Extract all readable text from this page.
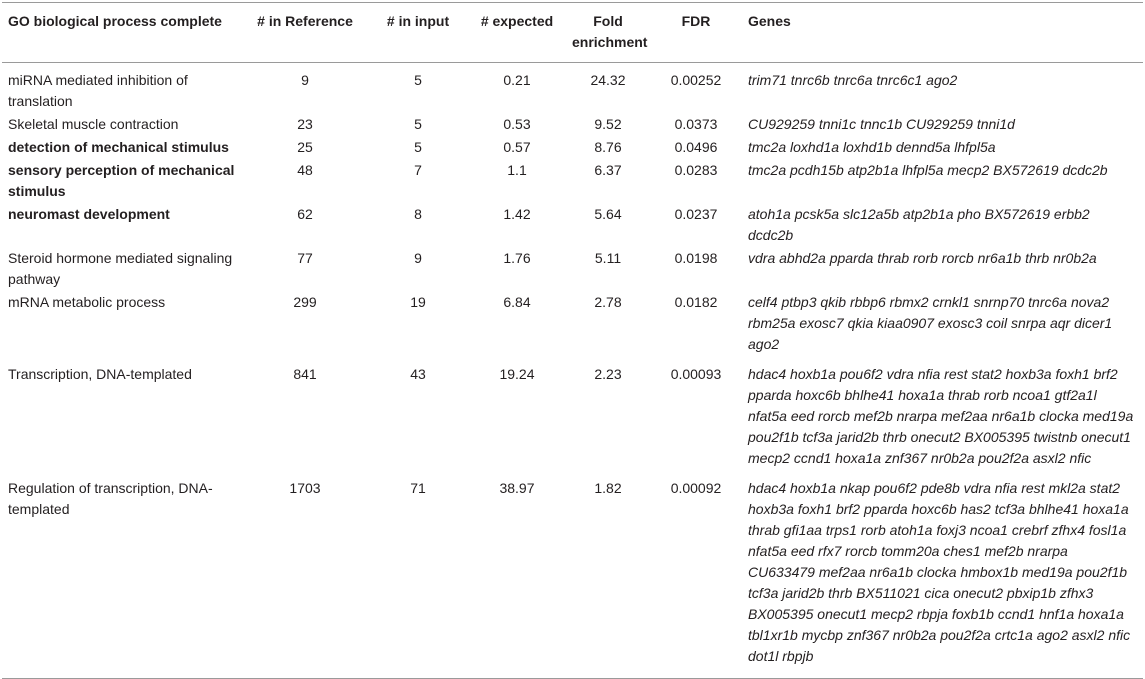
GO biological process complete	# in Reference	# in input	# expected	Fold enrichment	FDR	Genes
miRNA mediated inhibition of translation	9	5	0.21	24.32	0.00252	trim71 tnrc6b tnrc6a tnrc6c1 ago2
Skeletal muscle contraction	23	5	0.53	9.52	0.0373	CU929259 tnni1c tnnc1b CU929259 tnni1d
detection of mechanical stimulus	25	5	0.57	8.76	0.0496	tmc2a loxhd1a loxhd1b dennd5a lhfpl5a
sensory perception of mechanical stimulus	48	7	1.1	6.37	0.0283	tmc2a pcdh15b atp2b1a lhfpl5a mecp2 BX572619 dcdc2b
neuromast development	62	8	1.42	5.64	0.0237	atoh1a pcsk5a slc12a5b atp2b1a pho BX572619 erbb2 dcdc2b
Steroid hormone mediated signaling pathway	77	9	1.76	5.11	0.0198	vdra abhd2a pparda thrab rorb rorcb nr6a1b thrb nr0b2a
mRNA metabolic process	299	19	6.84	2.78	0.0182	celf4 ptbp3 qkib rbbp6 rbmx2 crnkl1 snrnp70 tnrc6a nova2 rbm25a exosc7 qkia kiaa0907 exosc3 coil snrpa aqr dicer1 ago2
Transcription, DNA-templated	841	43	19.24	2.23	0.00093	hdac4 hoxb1a pou6f2 vdra nfia rest stat2 hoxb3a foxh1 brf2 pparda hoxc6b bhlhe41 hoxa1a thrab rorb ncoa1 gtf2a1l nfat5a eed rorcb mef2b nrarpa mef2aa nr6a1b clocka med19a pou2f1b tcf3a jarid2b thrb onecut2 BX005395 twistnb onecut1 mecp2 ccnd1 hoxa1a znf367 nr0b2a pou2f2a asxl2 nfic
Regulation of transcription, DNA-templated	1703	71	38.97	1.82	0.00092	hdac4 hoxb1a nkap pou6f2 pde8b vdra nfia rest mkl2a stat2 hoxb3a foxh1 brf2 pparda hoxc6b has2 tcf3a bhlhe41 hoxa1a thrab gfi1aa trps1 rorb atoh1a foxj3 ncoa1 crebrf zfhx4 fosl1a nfat5a eed rfx7 rorcb tomm20a ches1 mef2b nrarpa CU633479 mef2aa nr6a1b clocka hmbox1b med19a pou2f1b tcf3a jarid2b thrb BX511021 cica onecut2 pbxip1b zfhx3 BX005395 onecut1 mecp2 rbpja foxb1b ccnd1 hnf1a hoxa1a tbl1xr1b mycbp znf367 nr0b2a pou2f2a crtc1a ago2 asxl2 nfic dot1l rbpjb
